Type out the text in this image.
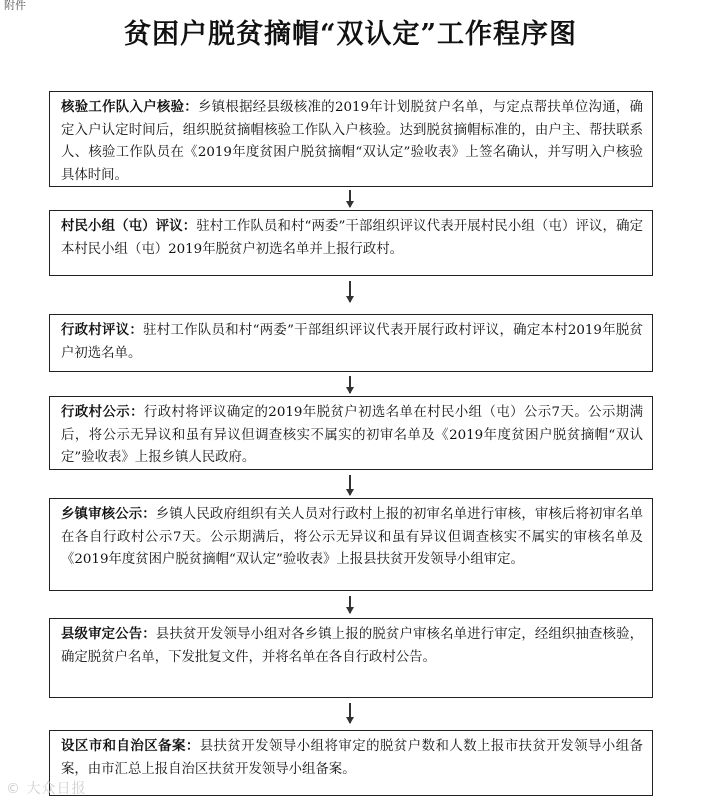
附件
贫困户脱贫摘帽“双认定”工作程序图
核验工作队入户核验：乡镇根据经县级核准的2019年计划脱贫户名单，与定点帮扶单位沟通，确定入户认定时间后，组织脱贫摘帽核验工作队入户核验。达到脱贫摘帽标准的，由户主、帮扶联系人、核验工作队员在《2019年度贫困户脱贫摘帽“双认定”验收表》上签名确认，并写明入户核验具体时间。
村民小组（屯）评议：驻村工作队员和村“两委”干部组织评议代表开展村民小组（屯）评议，确定本村民小组（屯）2019年脱贫户初选名单并上报行政村。
行政村评议：驻村工作队员和村“两委”干部组织评议代表开展行政村评议，确定本村2019年脱贫户初选名单。
行政村公示：行政村将评议确定的2019年脱贫户初选名单在村民小组（屯）公示7天。公示期满后，将公示无异议和虽有异议但调查核实不属实的初审名单及《2019年度贫困户脱贫摘帽“双认定”验收表》上报乡镇人民政府。
乡镇审核公示：乡镇人民政府组织有关人员对行政村上报的初审名单进行审核，审核后将初审名单在各自行政村公示7天。公示期满后，将公示无异议和虽有异议但调查核实不属实的审核名单及《2019年度贫困户脱贫摘帽“双认定”验收表》上报县扶贫开发领导小组审定。
县级审定公告：县扶贫开发领导小组对各乡镇上报的脱贫户审核名单进行审定，经组织抽查核验，确定脱贫户名单，下发批复文件，并将名单在各自行政村公告。
设区市和自治区备案：县扶贫开发领导小组将审定的脱贫户数和人数上报市扶贫开发领导小组备案，由市汇总上报自治区扶贫开发领导小组备案。
© 大众日报
